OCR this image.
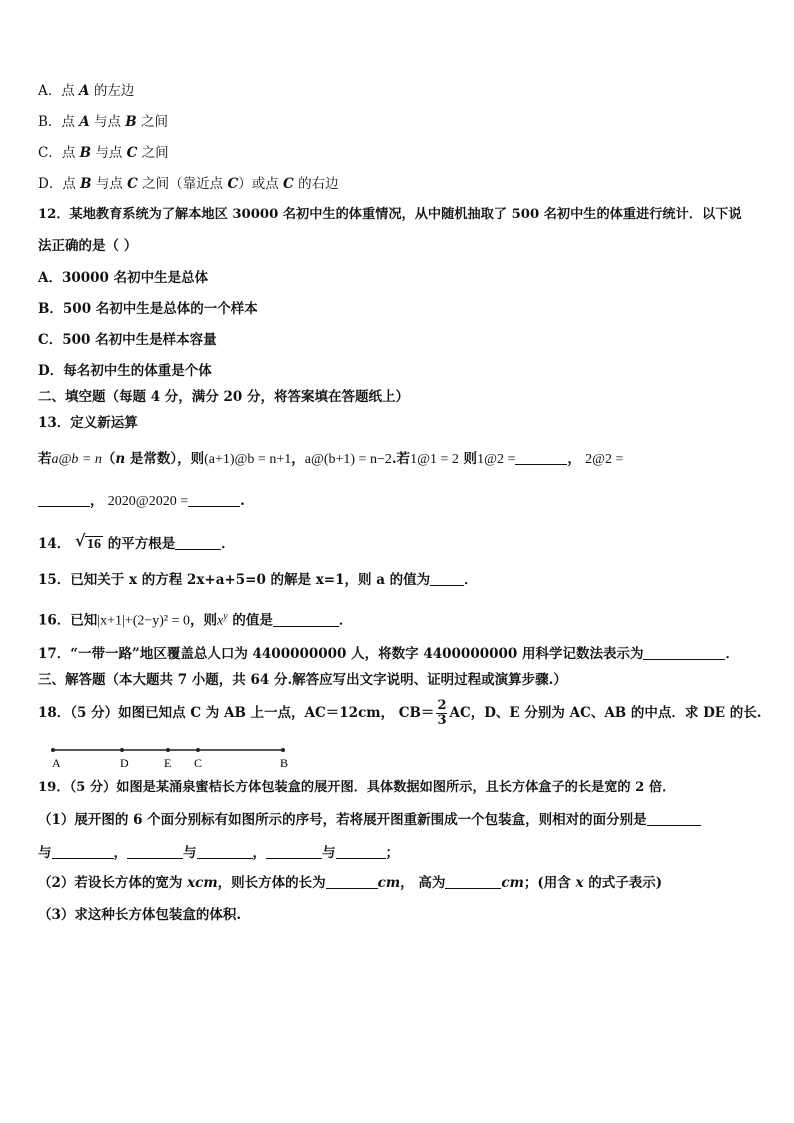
A．点 A 的左边
B．点 A 与点 B 之间
C．点 B 与点 C 之间
D．点 B 与点 C 之间（靠近点 C）或点 C 的右边
12．某地教育系统为了解本地区 30000 名初中生的体重情况，从中随机抽取了 500 名初中生的体重进行统计．以下说
法正确的是（ ）
A．30000 名初中生是总体
B．500 名初中生是总体的一个样本
C．500 名初中生是样本容量
D．每名初中生的体重是个体
二、填空题（每题 4 分，满分 20 分，将答案填在答题纸上）
13．定义新运算
若a@b = n（n 是常数），则(a+1)@b = n+1，a@(b+1) = n−2.若1@1 = 2 则1@2 =	， 2@2 =
， 2020@2020 =	.
14． √ 16 的平方根是	．
15．已知关于 x 的方程 2x+a+5=0 的解是 x=1，则 a 的值为	．
16．已知|x+1|+(2−y)² = 0，则$x^y$ 的值是	．
17．“一带一路”地区覆盖总人口为 4400000000 人，将数字 4400000000 用科学记数法表示为	．
三、解答题（本大题共 7 小题，共 64 分.解答应写出文字说明、证明过程或演算步骤.）
18．（5 分）如图已知点 C 为 AB 上一点，AC＝12cm， $CB= \frac{2}{3}$ AC，D、E 分别为 AC、AB 的中点．求 DE 的长.
A	D	E C	B
19．（5 分）如图是某涌泉蜜桔长方体包装盒的展开图．具体数据如图所示，且长方体盒子的长是宽的 2 倍．
（1）展开图的 6 个面分别标有如图所示的序号，若将展开图重新围成一个包装盒，则相对的面分别是
与	，	与	，	与	；
（2）若设长方体的宽为 xcm，则长方体的长为	cm， 高为	cm；(用含 x 的式子表示)
（3）求这种长方体包装盒的体积.
